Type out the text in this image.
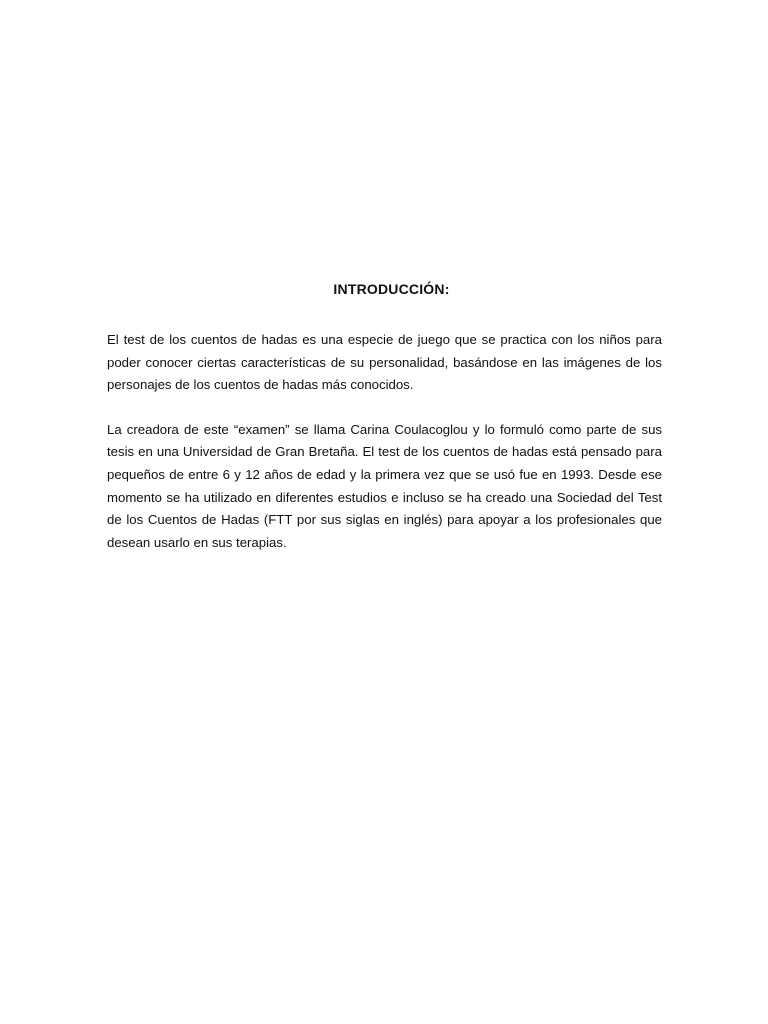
INTRODUCCIÓN:

El test de los cuentos de hadas es una especie de juego que se practica con los niños para poder conocer ciertas características de su personalidad, basándose en las imágenes de los personajes de los cuentos de hadas más conocidos.

La creadora de este “examen” se llama Carina Coulacoglou y lo formuló como parte de sus tesis en una Universidad de Gran Bretaña. El test de los cuentos de hadas está pensado para pequeños de entre 6 y 12 años de edad y la primera vez que se usó fue en 1993. Desde ese momento se ha utilizado en diferentes estudios e incluso se ha creado una Sociedad del Test de los Cuentos de Hadas (FTT por sus siglas en inglés) para apoyar a los profesionales que desean usarlo en sus terapias.
